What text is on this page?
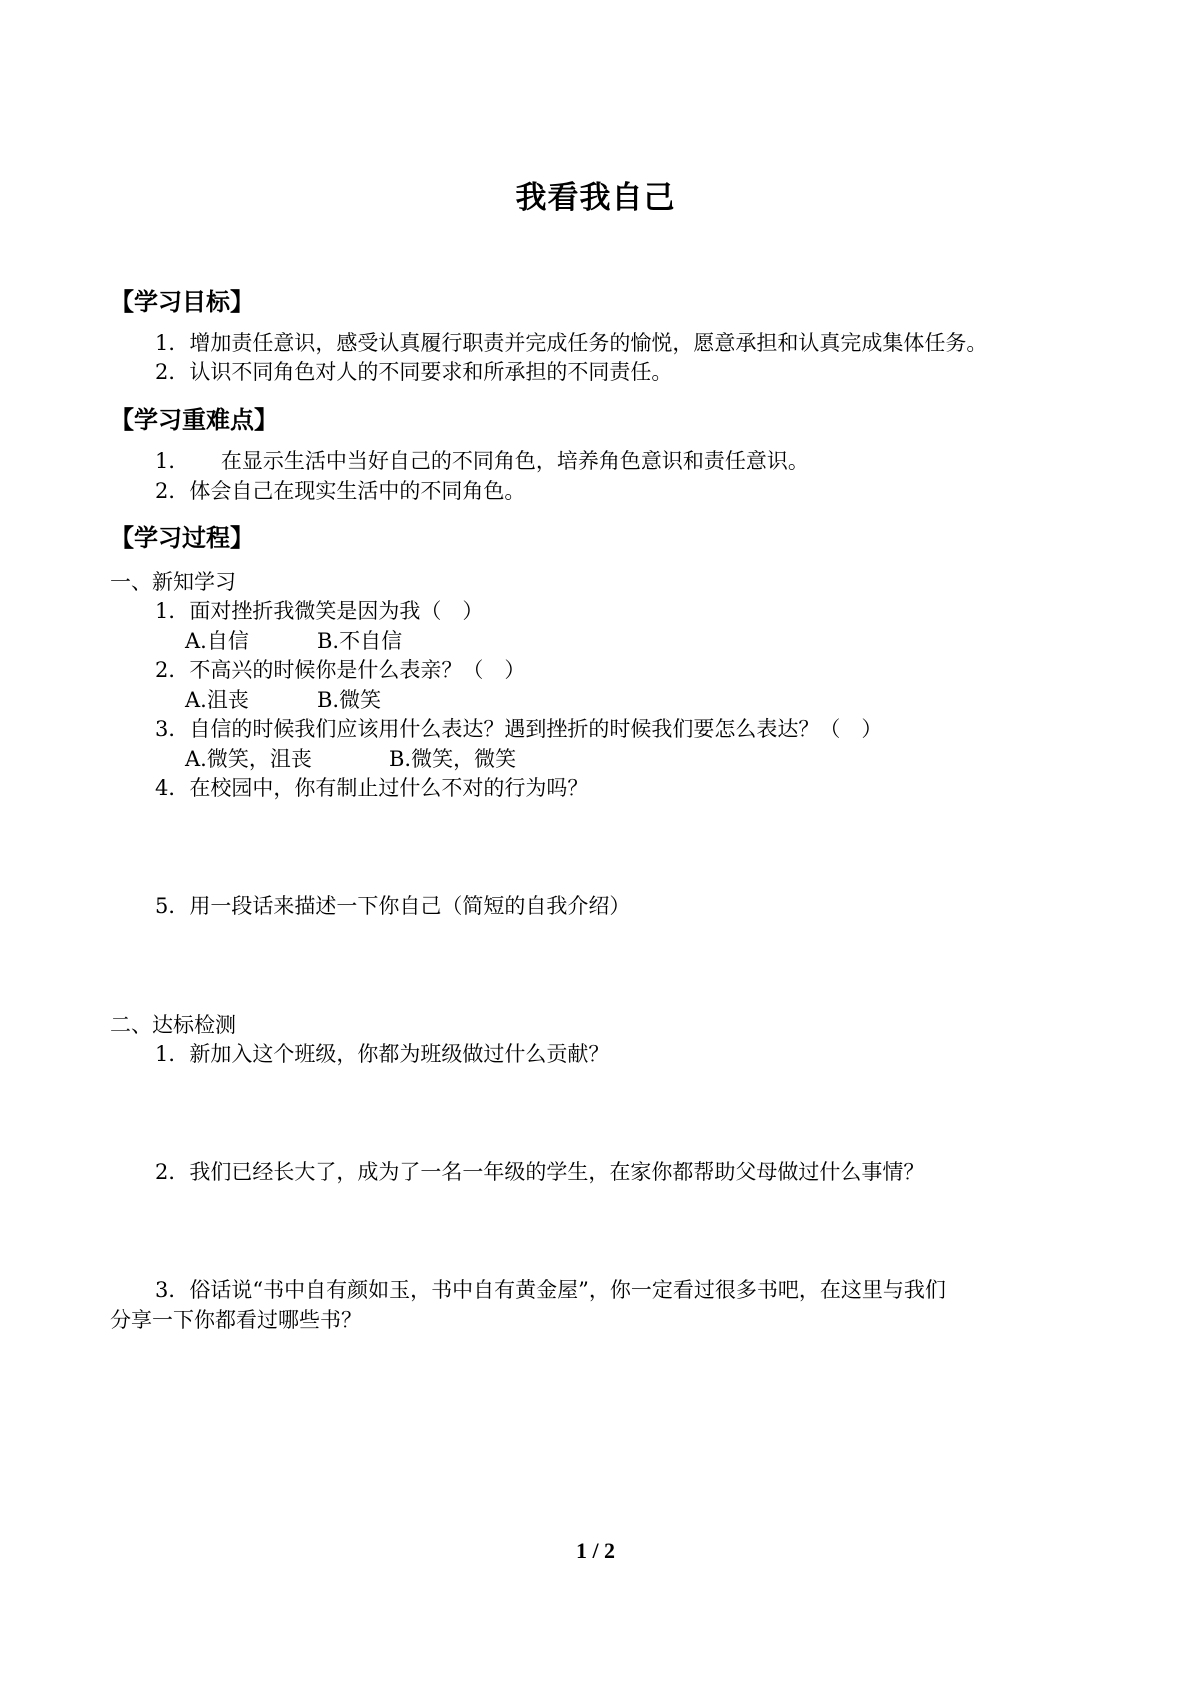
我看我自己
【学习目标】
1．增加责任意识，感受认真履行职责并完成任务的愉悦，愿意承担和认真完成集体任务。
2．认识不同角色对人的不同要求和所承担的不同责任。
【学习重难点】
1．　　在显示生活中当好自己的不同角色，培养角色意识和责任意识。
2．体会自己在现实生活中的不同角色。
【学习过程】
一、新知学习
1．面对挫折我微笑是因为我（　）
A.自信	B.不自信
2．不高兴的时候你是什么表亲？（　）
A.沮丧	B.微笑
3．自信的时候我们应该用什么表达？遇到挫折的时候我们要怎么表达？（　）
A.微笑，沮丧	B.微笑，微笑
4．在校园中，你有制止过什么不对的行为吗？
5．用一段话来描述一下你自己（简短的自我介绍）
二、达标检测
1．新加入这个班级，你都为班级做过什么贡献？
2．我们已经长大了，成为了一名一年级的学生，在家你都帮助父母做过什么事情？
3．俗话说“书中自有颜如玉，书中自有黄金屋”，你一定看过很多书吧，在这里与我们
分享一下你都看过哪些书？
1 / 2
